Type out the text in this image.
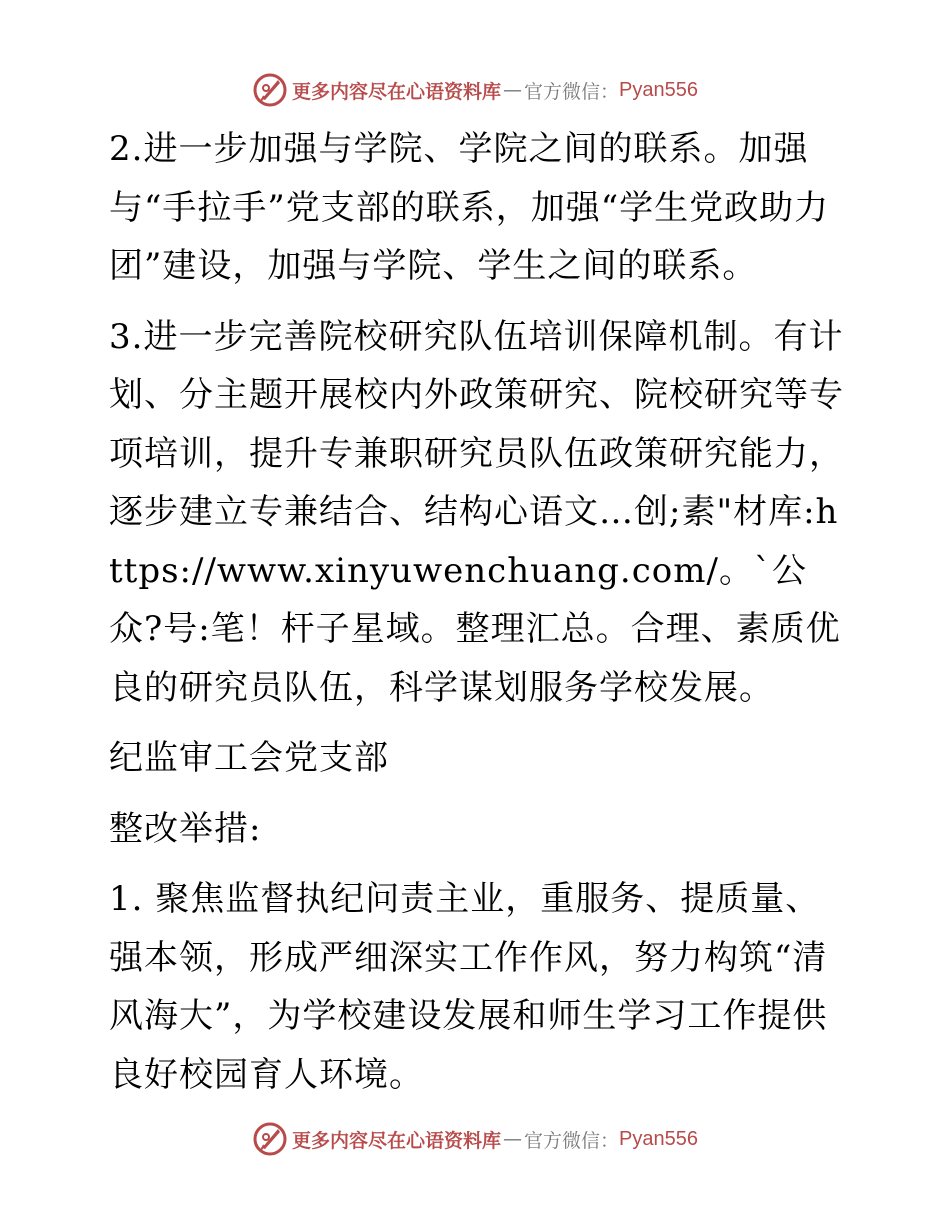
更多内容尽在心语资料库 — 官方微信： Pyan556

2.进一步加强与学院、学院之间的联系。加强与“手拉手”党支部的联系，加强“学生党政助力团”建设，加强与学院、学生之间的联系。

3.进一步完善院校研究队伍培训保障机制。有计划、分主题开展校内外政策研究、院校研究等专项培训，提升专兼职研究员队伍政策研究能力，逐步建立专兼结合、结构心语文…创;素"材库:https://www.xinyuwenchuang.com/。`公众?号:笔！杆子星域。整理汇总。合理、素质优良的研究员队伍，科学谋划服务学校发展。

纪监审工会党支部

整改举措:

1. 聚焦监督执纪问责主业，重服务、提质量、强本领，形成严细深实工作作风，努力构筑“清风海大”，为学校建设发展和师生学习工作提供良好校园育人环境。

更多内容尽在心语资料库 — 官方微信： Pyan556
